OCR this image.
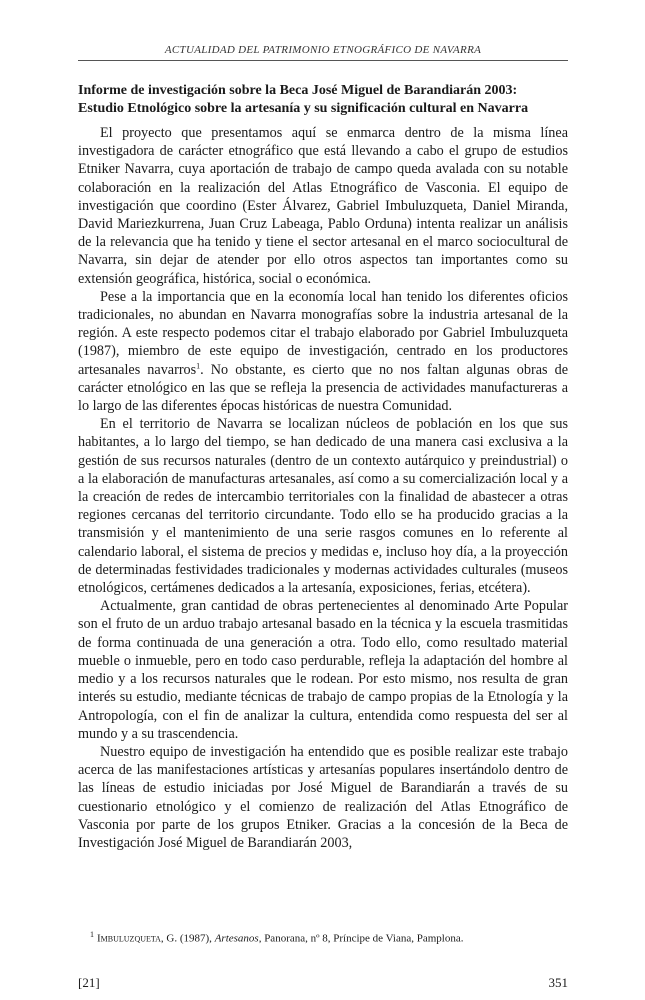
ACTUALIDAD DEL PATRIMONIO ETNOGRÁFICO DE NAVARRA
Informe de investigación sobre la Beca José Miguel de Barandiarán 2003:
Estudio Etnológico sobre la artesanía y su significación cultural en Navarra

El proyecto que presentamos aquí se enmarca dentro de la misma línea investigadora de carácter etnográfico que está llevando a cabo el grupo de estudios Etniker Navarra, cuya aportación de trabajo de campo queda avalada con su notable colaboración en la realización del Atlas Etnográfico de Vasconia. El equipo de investigación que coordino (Ester Álvarez, Gabriel Imbuluzqueta, Daniel Miranda, David Mariezkurrena, Juan Cruz Labeaga, Pablo Orduna) intenta realizar un análisis de la relevancia que ha tenido y tiene el sector artesanal en el marco sociocultural de Navarra, sin dejar de atender por ello otros aspectos tan importantes como su extensión geográfica, histórica, social o económica.

Pese a la importancia que en la economía local han tenido los diferentes oficios tradicionales, no abundan en Navarra monografías sobre la industria artesanal de la región. A este respecto podemos citar el trabajo elaborado por Gabriel Imbuluzqueta (1987), miembro de este equipo de investigación, centrado en los productores artesanales navarros$^1$. No obstante, es cierto que no nos faltan algunas obras de carácter etnológico en las que se refleja la presencia de actividades manufactureras a lo largo de las diferentes épocas históricas de nuestra Comunidad.

En el territorio de Navarra se localizan núcleos de población en los que sus habitantes, a lo largo del tiempo, se han dedicado de una manera casi exclusiva a la gestión de sus recursos naturales (dentro de un contexto autárquico y preindustrial) o a la elaboración de manufacturas artesanales, así como a su comercialización local y a la creación de redes de intercambio territoriales con la finalidad de abastecer a otras regiones cercanas del territorio circundante. Todo ello se ha producido gracias a la transmisión y el mantenimiento de una serie rasgos comunes en lo referente al calendario laboral, el sistema de precios y medidas e, incluso hoy día, a la proyección de determinadas festividades tradicionales y modernas actividades culturales (museos etnológicos, certámenes dedicados a la artesanía, exposiciones, ferias, etcétera).

Actualmente, gran cantidad de obras pertenecientes al denominado Arte Popular son el fruto de un arduo trabajo artesanal basado en la técnica y la escuela trasmitidas de forma continuada de una generación a otra. Todo ello, como resultado material mueble o inmueble, pero en todo caso perdurable, refleja la adaptación del hombre al medio y a los recursos naturales que le rodean. Por esto mismo, nos resulta de gran interés su estudio, mediante técnicas de trabajo de campo propias de la Etnología y la Antropología, con el fin de analizar la cultura, entendida como respuesta del ser al mundo y a su trascendencia.

Nuestro equipo de investigación ha entendido que es posible realizar este trabajo acerca de las manifestaciones artísticas y artesanías populares insertándolo dentro de las líneas de estudio iniciadas por José Miguel de Barandiarán a través de su cuestionario etnológico y el comienzo de realización del Atlas Etnográfico de Vasconia por parte de los grupos Etniker. Gracias a la concesión de la Beca de Investigación José Miguel de Barandiarán 2003,

$^1$ Imbuluzqueta, G. (1987), Artesanos, Panorana, nº 8, Príncipe de Viana, Pamplona.
[21]	351
